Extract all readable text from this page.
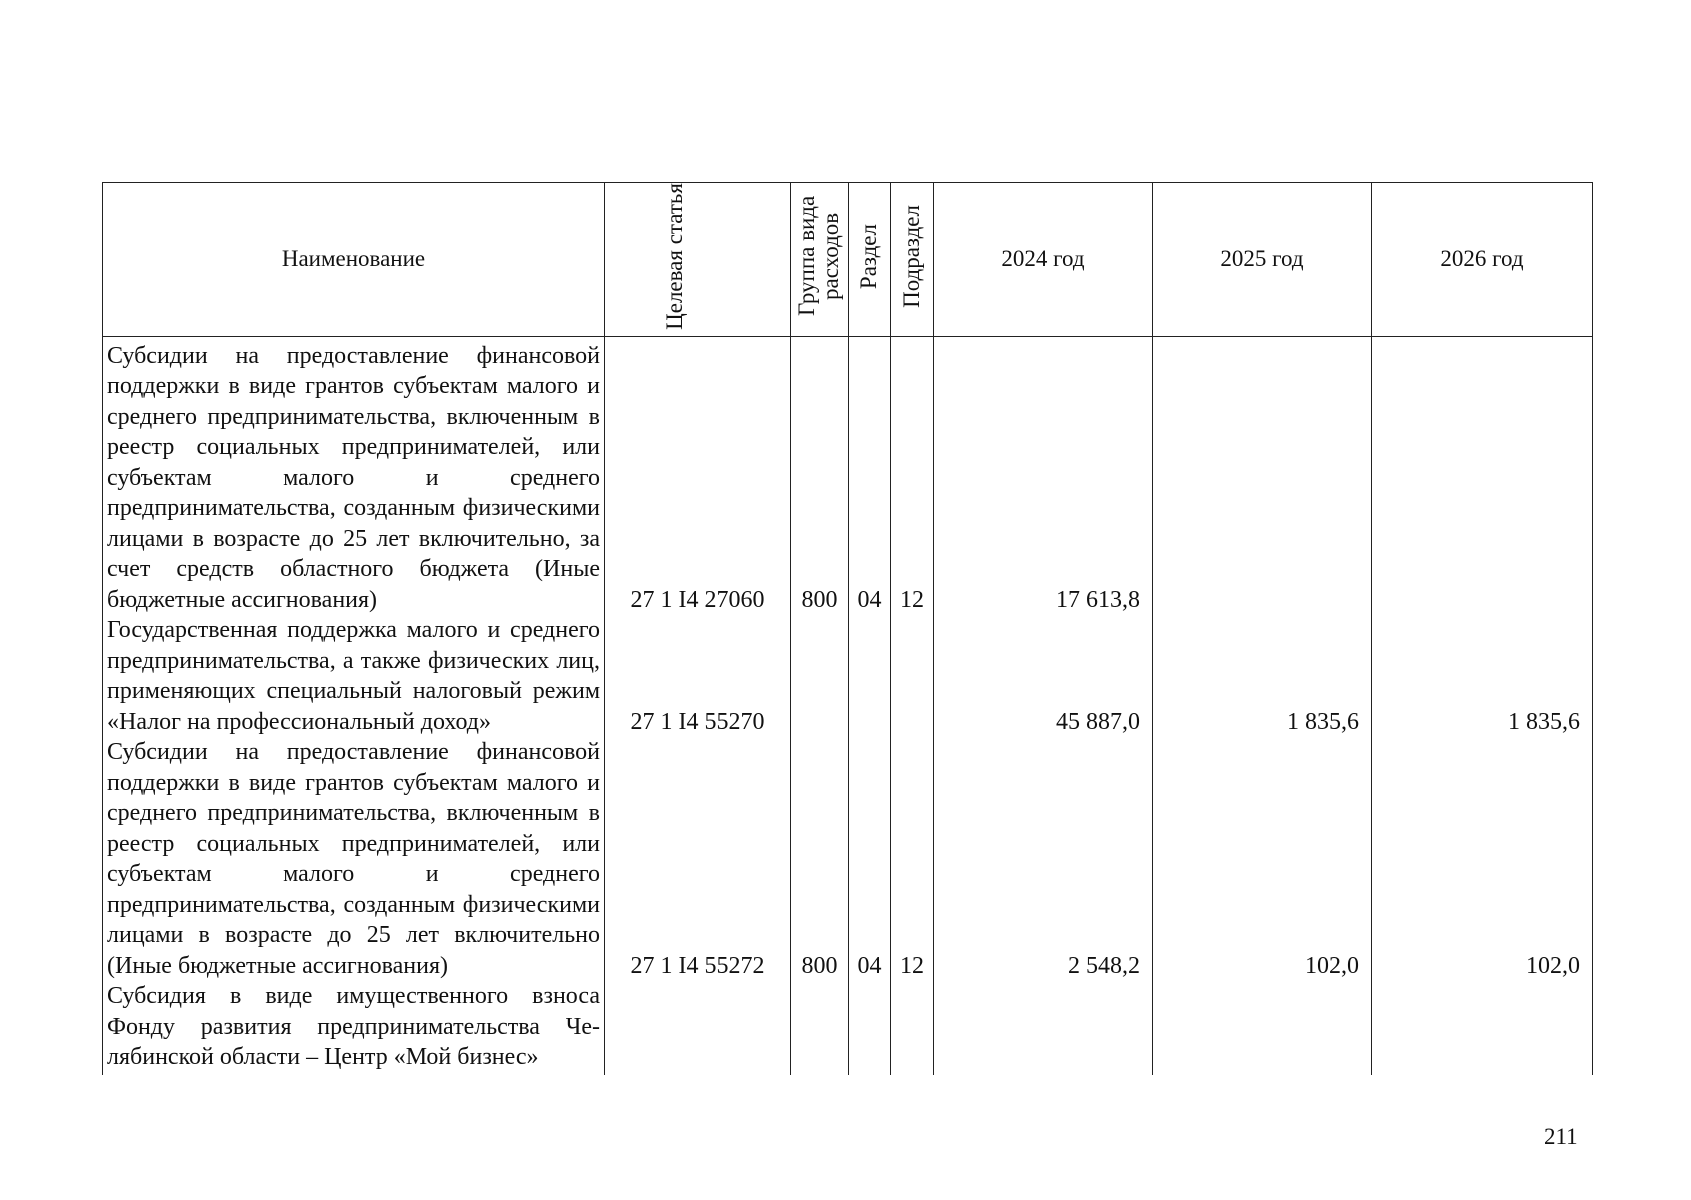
Наименование	Целевая статья	Группа вида расходов	Раздел	Подраздел	2024 год	2025 год	2026 год
Субсидии на предоставление финансовой поддержки в виде грантов субъектам малого и среднего предпринимательства, включенным в реестр социальных предпринимателей, или субъектам малого и среднего предпринимательства, созданным физическими лицами в возрасте до 25 лет включительно, за счет средств областного бюджета (Иные бюджетные ассигнования)	27 1 I4 27060	800	04	12	17 613,8		
Государственная поддержка малого и среднего предпринимательства, а также физических лиц, применяющих специальный налоговый режим «Налог на профессиональный доход»	27 1 I4 55270				45 887,0	1 835,6	1 835,6
Субсидии на предоставление финансовой поддержки в виде грантов субъектам малого и среднего предпринимательства, включенным в реестр социальных предпринимателей, или субъектам малого и среднего предпринимательства, созданным физическими лицами в возрасте до 25 лет включительно (Иные бюджетные ассигнования)	27 1 I4 55272	800	04	12	2 548,2	102,0	102,0
Субсидия в виде имущественного взноса Фонду развития предпринимательства Челябинской области – Центр «Мой бизнес»							
211
